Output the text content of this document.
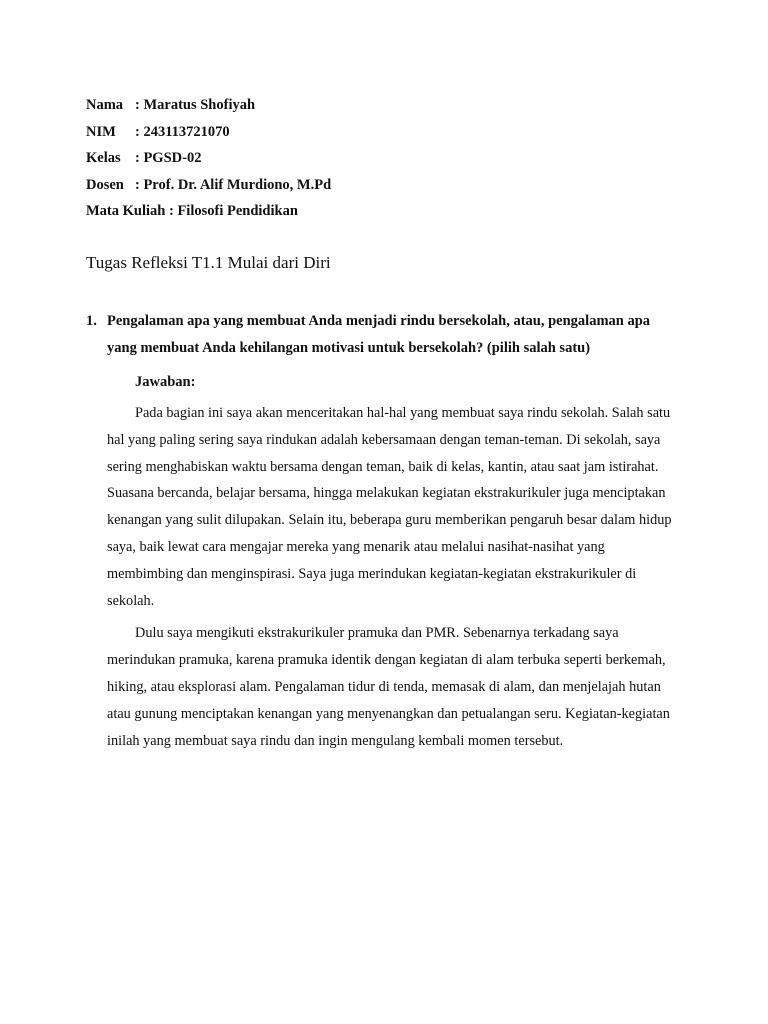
Nama : Maratus Shofiyah
NIM	: 243113721070
Kelas : PGSD-02
Dosen : Prof. Dr. Alif Murdiono, M.Pd
Mata Kuliah
: Filosofi Pendidikan
Tugas Refleksi T1.1 Mulai dari Diri
1. Pengalaman apa yang membuat Anda menjadi rindu bersekolah, atau, pengalaman apa yang membuat Anda kehilangan motivasi untuk bersekolah? (pilih salah satu)
Jawaban:

Pada bagian ini saya akan menceritakan hal-hal yang membuat saya rindu sekolah. Salah satu hal yang paling sering saya rindukan adalah kebersamaan dengan teman-teman. Di sekolah, saya sering menghabiskan waktu bersama dengan teman, baik di kelas, kantin, atau saat jam istirahat. Suasana bercanda, belajar bersama, hingga melakukan kegiatan ekstrakurikuler juga menciptakan kenangan yang sulit dilupakan. Selain itu, beberapa guru memberikan pengaruh besar dalam hidup saya, baik lewat cara mengajar mereka yang menarik atau melalui nasihat-nasihat yang membimbing dan menginspirasi. Saya juga merindukan kegiatan-kegiatan ekstrakurikuler di sekolah.

Dulu saya mengikuti ekstrakurikuler pramuka dan PMR. Sebenarnya terkadang saya merindukan pramuka, karena pramuka identik dengan kegiatan di alam terbuka seperti berkemah, hiking, atau eksplorasi alam. Pengalaman tidur di tenda, memasak di alam, dan menjelajah hutan atau gunung menciptakan kenangan yang menyenangkan dan petualangan seru. Kegiatan-kegiatan inilah yang membuat saya rindu dan ingin mengulang kembali momen tersebut.
